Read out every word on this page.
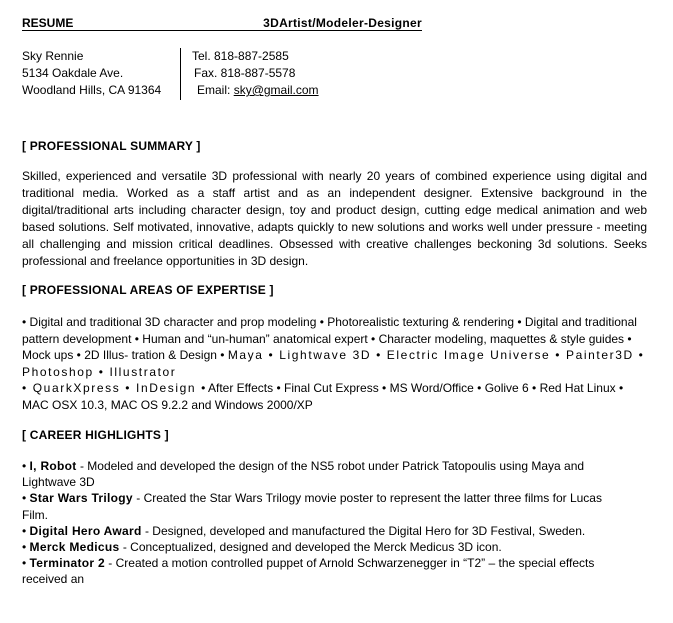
RESUME	3DArtist/Modeler-Designer
Sky Rennie
5134 Oakdale Ave.
Woodland Hills, CA 91364
Tel. 818-887-2585
Fax. 818-887-5578
Email: sky@gmail.com
[ PROFESSIONAL SUMMARY ]
Skilled, experienced and versatile 3D professional with nearly 20 years of combined experience using digital and traditional media. Worked as a staff artist and as an independent designer. Extensive background in the digital/traditional arts including character design, toy and product design, cutting edge medical animation and web based solutions. Self motivated, innovative, adapts quickly to new solutions and works well under pressure - meeting all challenging and mission critical deadlines. Obsessed with creative challenges beckoning 3d solutions. Seeks professional and freelance opportunities in 3D design.
[ PROFESSIONAL AREAS OF EXPERTISE ]
• Digital and traditional 3D character and prop modeling • Photorealistic texturing & rendering • Digital and traditional pattern development • Human and “un-human” anatomical expert • Character modeling, maquettes & style guides • Mock ups • 2D Illus- tration & Design • Maya • Lightwave 3D • Electric Image Universe • Painter3D • Photoshop • Illustrator
• QuarkXpress • InDesign • After Effects • Final Cut Express • MS Word/Office • Golive 6 • Red Hat Linux • MAC OSX 10.3, MAC OS 9.2.2 and Windows 2000/XP
[ CAREER HIGHLIGHTS ]
• I, Robot - Modeled and developed the design of the NS5 robot under Patrick Tatopoulis using Maya and Lightwave 3D
• Star Wars Trilogy - Created the Star Wars Trilogy movie poster to represent the latter three films for Lucas Film.
• Digital Hero Award - Designed, developed and manufactured the Digital Hero for 3D Festival, Sweden.
• Merck Medicus - Conceptualized, designed and developed the Merck Medicus 3D icon.
• Terminator 2 - Created a motion controlled puppet of Arnold Schwarzenegger in “T2” – the special effects received an
